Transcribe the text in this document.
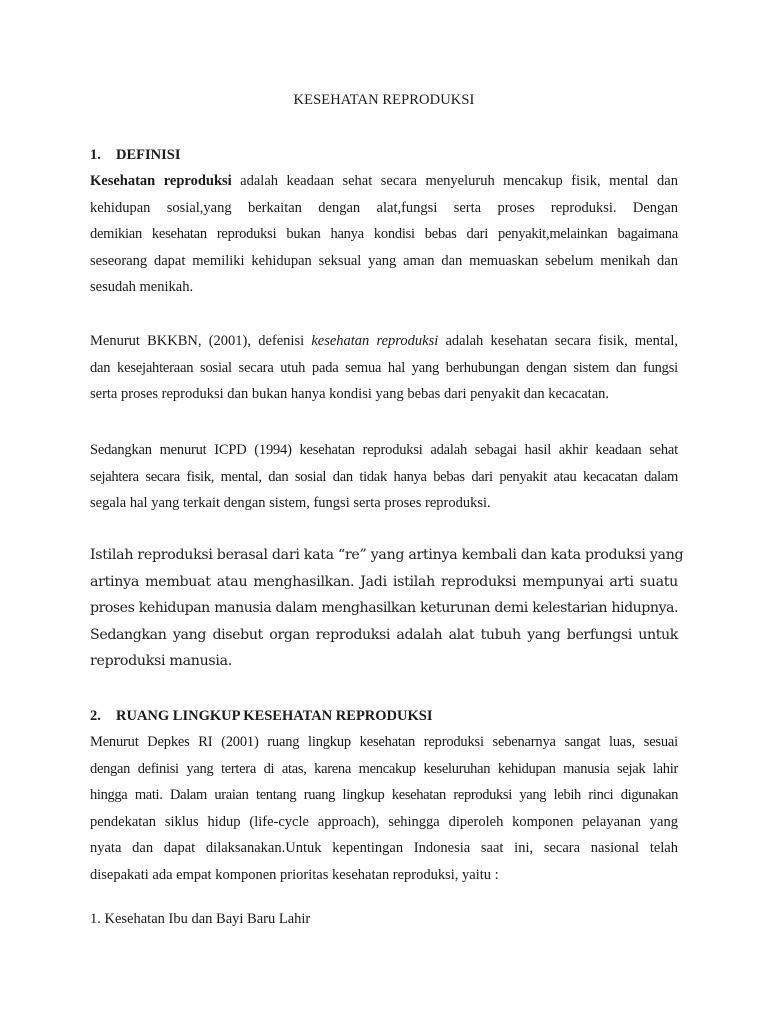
KESEHATAN REPRODUKSI
1. DEFINISI
Kesehatan reproduksi adalah keadaan sehat secara menyeluruh mencakup fisik, mental dan
kehidupan sosial,yang berkaitan dengan alat,fungsi serta proses reproduksi. Dengan
demikian kesehatan reproduksi bukan hanya kondisi bebas dari penyakit,melainkan bagaimana
seseorang dapat memiliki kehidupan seksual yang aman dan memuaskan sebelum menikah dan
sesudah menikah.
Menurut BKKBN, (2001), defenisi kesehatan reproduksi adalah kesehatan secara fisik, mental,
dan kesejahteraan sosial secara utuh pada semua hal yang berhubungan dengan sistem dan fungsi
serta proses reproduksi dan bukan hanya kondisi yang bebas dari penyakit dan kecacatan.
Sedangkan menurut ICPD (1994) kesehatan reproduksi adalah sebagai hasil akhir keadaan sehat
sejahtera secara fisik, mental, dan sosial dan tidak hanya bebas dari penyakit atau kecacatan dalam
segala hal yang terkait dengan sistem, fungsi serta proses reproduksi.
Istilah reproduksi berasal dari kata “re” yang artinya kembali dan kata produksi yang
artinya membuat atau menghasilkan. Jadi istilah reproduksi mempunyai arti suatu
proses kehidupan manusia dalam menghasilkan keturunan demi kelestarian hidupnya.
Sedangkan yang disebut organ reproduksi adalah alat tubuh yang berfungsi untuk
reproduksi manusia.
2. RUANG LINGKUP KESEHATAN REPRODUKSI
Menurut Depkes RI (2001) ruang lingkup kesehatan reproduksi sebenarnya sangat luas, sesuai
dengan definisi yang tertera di atas, karena mencakup keseluruhan kehidupan manusia sejak lahir
hingga mati. Dalam uraian tentang ruang lingkup kesehatan reproduksi yang lebih rinci digunakan
pendekatan siklus hidup (life-cycle approach), sehingga diperoleh komponen pelayanan yang
nyata dan dapat dilaksanakan.Untuk kepentingan Indonesia saat ini, secara nasional telah
disepakati ada empat komponen prioritas kesehatan reproduksi, yaitu :
1. Kesehatan Ibu dan Bayi Baru Lahir
